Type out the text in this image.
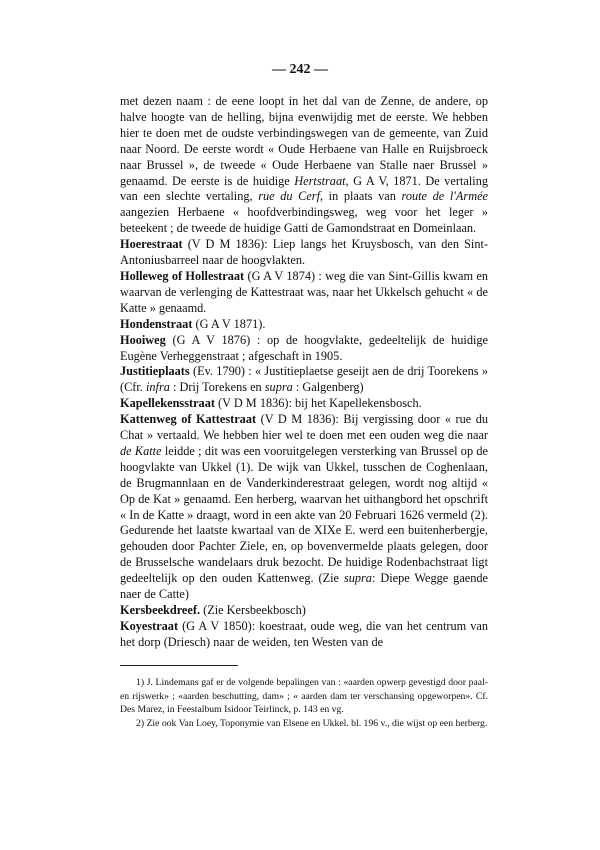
— 242 —

met dezen naam : de eene loopt in het dal van de Zenne, de andere, op halve hoogte van de helling, bijna evenwijdig met de eerste. We hebben hier te doen met de oudste verbindingswegen van de gemeente, van Zuid naar Noord. De eerste wordt « Oude Herbaene van Halle en Ruijsbroeck naar Brussel », de tweede « Oude Herbaene van Stalle naer Brussel » genaamd. De eerste is de huidige Hertstraat, G A V, 1871. De vertaling van een slechte vertaling, rue du Cerf, in plaats van route de l'Armée aangezien Herbaene « hoofdverbindingsweg, weg voor het leger » beteekent ; de tweede de huidige Gatti de Gamondstraat en Domeinlaan.

Hoerestraat (V D M 1836): Liep langs het Kruysbosch, van den Sint-Antoniusbarreel naar de hoogvlakten.

Holleweg of Hollestraat (G A V 1874) : weg die van Sint-Gillis kwam en waarvan de verlenging de Kattestraat was, naar het Ukkelsch gehucht « de Katte » genaamd.

Hondenstraat (G A V 1871).

Hooiweg (G A V 1876) : op de hoogvlakte, gedeeltelijk de huidige Eugène Verheggenstraat ; afgeschaft in 1905.

Justitieplaats (Ev. 1790) : « Justitieplaetse geseijt aen de drij Toorekens » (Cfr. infra : Drij Torekens en supra : Galgenberg)

Kapellekensstraat (V D M 1836): bij het Kapellekensbosch.

Kattenweg of Kattestraat (V D M 1836): Bij vergissing door « rue du Chat » vertaald. We hebben hier wel te doen met een ouden weg die naar de Katte leidde ; dit was een vooruitgelegen versterking van Brussel op de hoogvlakte van Ukkel (1). De wijk van Ukkel, tusschen de Coghenlaan, de Brugmannlaan en de Vanderkinderestraat gelegen, wordt nog altijd « Op de Kat » genaamd. Een herberg, waarvan het uithangbord het opschrift « In de Katte » draagt, word in een akte van 20 Februari 1626 vermeld (2). Gedurende het laatste kwartaal van de XIXe E. werd een buitenherbergje, gehouden door Pachter Ziele, en, op bovenvermelde plaats gelegen, door de Brusselsche wandelaars druk bezocht. De huidige Rodenbachstraat ligt gedeeltelijk op den ouden Kattenweg. (Zie supra: Diepe Wegge gaende naer de Catte)

Kersbeekdreef. (Zie Kersbeekbosch)

Koyestraat (G A V 1850): koestraat, oude weg, die van het centrum van het dorp (Driesch) naar de weiden, ten Westen van de

1) J. Lindemans gaf er de volgende bepalingen van : «aarden opwerp gevestigd door paal- en rijswerk» ; «aarden beschutting, dam» ; « aarden dam ter verschansing opgeworpen». Cf. Des Marez, in Feestalbum Isidoor Teirlinck, p. 143 en vg.

2) Zie ook Van Loey, Toponymie van Elsene en Ukkel. bl. 196 v., die wijst op een herberg.
